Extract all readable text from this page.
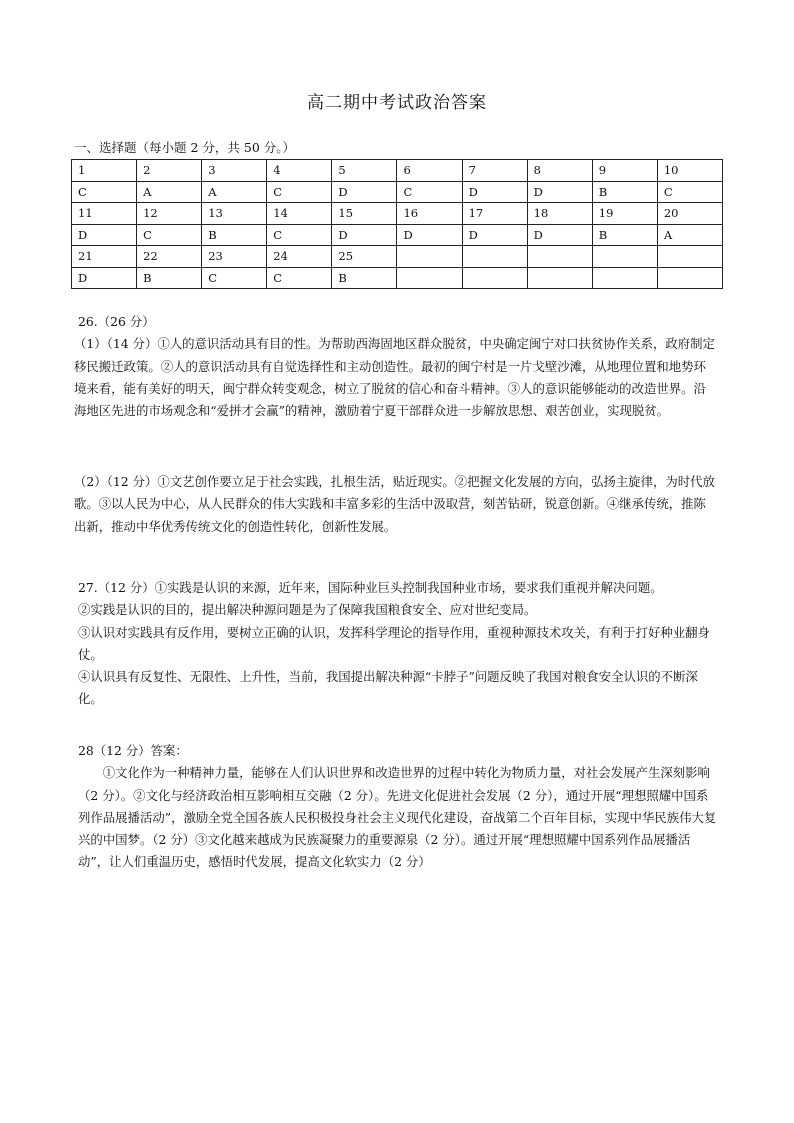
高二期中考试政治答案
一、选择题（每小题 2 分，共 50 分。）
1	2	3	4	5	6	7	8	9	10
C	A	A	C	D	C	D	D	B	C
11	12	13	14	15	16	17	18	19	20
D	C	B	C	D	D	D	D	B	A
21	22	23	24	25					
D	B	C	C	B					

26.（26 分）

（1）（14 分）①人的意识活动具有目的性。为帮助西海固地区群众脱贫，中央确定闽宁对口扶贫协作关系，政府制定移民搬迁政策。②人的意识活动具有自觉选择性和主动创造性。最初的闽宁村是一片戈壁沙滩，从地理位置和地势环境来看，能有美好的明天，闽宁群众转变观念，树立了脱贫的信心和奋斗精神。③人的意识能够能动的改造世界。沿海地区先进的市场观念和“爱拼才会赢”的精神，激励着宁夏干部群众进一步解放思想、艰苦创业，实现脱贫。

（2）（12 分）①文艺创作要立足于社会实践，扎根生活，贴近现实。②把握文化发展的方向，弘扬主旋律，为时代放歌。③以人民为中心，从人民群众的伟大实践和丰富多彩的生活中汲取营，刻苦钻研，锐意创新。④继承传统，推陈出新，推动中华优秀传统文化的创造性转化，创新性发展。

27.（12 分）①实践是认识的来源，近年来，国际种业巨头控制我国种业市场，要求我们重视并解决问题。

②实践是认识的目的，提出解决种源问题是为了保障我国粮食安全、应对世纪变局。

③认识对实践具有反作用，要树立正确的认识，发挥科学理论的指导作用，重视种源技术攻关，有利于打好种业翻身仗。

④认识具有反复性、无限性、上升性，当前，我国提出解决种源“卡脖子”问题反映了我国对粮食安全认识的不断深化。

28（12 分）答案：

①文化作为一种精神力量，能够在人们认识世界和改造世界的过程中转化为物质力量，对社会发展产生深刻影响（2 分）。②文化与经济政治相互影响相互交融（2 分）。先进文化促进社会发展（2 分），通过开展“理想照耀中国系列作品展播活动”，激励全党全国各族人民积极投身社会主义现代化建设，奋战第二个百年目标，实现中华民族伟大复兴的中国梦。（2 分）③文化越来越成为民族凝聚力的重要源泉（2 分）。通过开展“理想照耀中国系列作品展播活动”，让人们重温历史，感悟时代发展，提高文化软实力（2 分）
